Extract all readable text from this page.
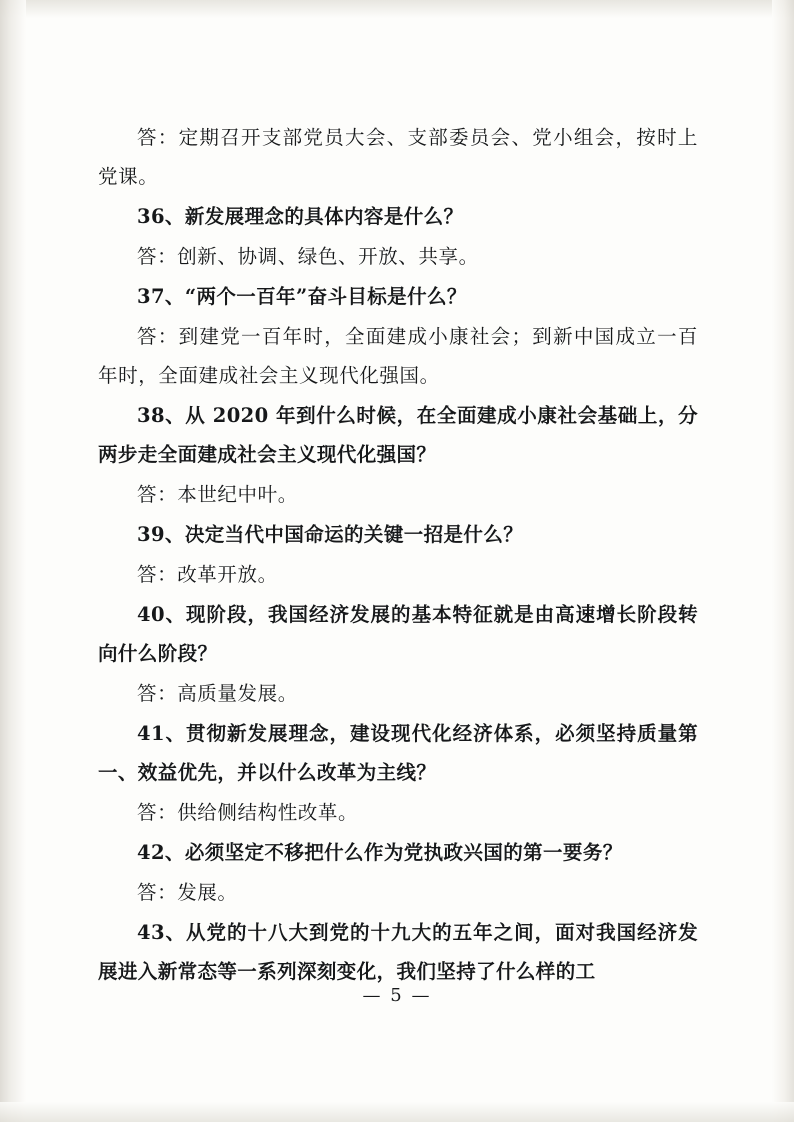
答：定期召开支部党员大会、支部委员会、党小组会，按时上党课。

36、新发展理念的具体内容是什么？

答：创新、协调、绿色、开放、共享。

37、“两个一百年”奋斗目标是什么？

答：到建党一百年时，全面建成小康社会；到新中国成立一百年时，全面建成社会主义现代化强国。

38、从 2020 年到什么时候，在全面建成小康社会基础上，分两步走全面建成社会主义现代化强国？

答：本世纪中叶。

39、决定当代中国命运的关键一招是什么？

答：改革开放。

40、现阶段，我国经济发展的基本特征就是由高速增长阶段转向什么阶段？

答：高质量发展。

41、贯彻新发展理念，建设现代化经济体系，必须坚持质量第一、效益优先，并以什么改革为主线？

答：供给侧结构性改革。

42、必须坚定不移把什么作为党执政兴国的第一要务？

答：发展。

43、从党的十八大到党的十九大的五年之间，面对我国经济发展进入新常态等一系列深刻变化，我们坚持了什么样的工

— 5 —
